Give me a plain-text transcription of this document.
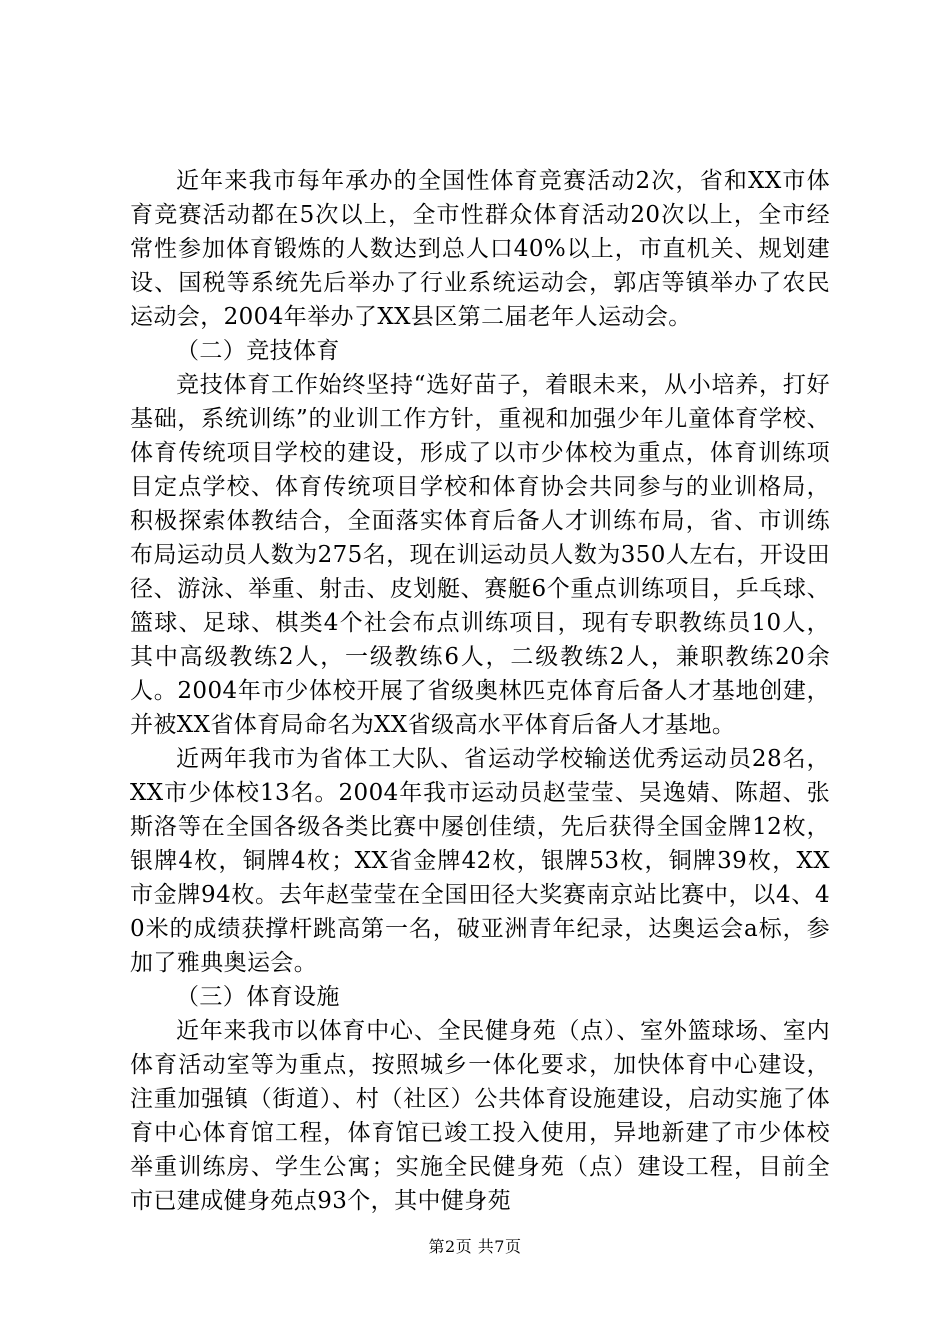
近年来我市每年承办的全国性体育竞赛活动2次，省和XX市体育竞赛活动都在5次以上，全市性群众体育活动20次以上，全市经常性参加体育锻炼的人数达到总人口40%以上，市直机关、规划建设、国税等系统先后举办了行业系统运动会，郭店等镇举办了农民运动会，2004年举办了XX县区第二届老年人运动会。

（二）竞技体育

竞技体育工作始终坚持“选好苗子，着眼未来，从小培养，打好基础，系统训练”的业训工作方针，重视和加强少年儿童体育学校、体育传统项目学校的建设，形成了以市少体校为重点，体育训练项目定点学校、体育传统项目学校和体育协会共同参与的业训格局，积极探索体教结合，全面落实体育后备人才训练布局，省、市训练布局运动员人数为275名，现在训运动员人数为350人左右，开设田径、游泳、举重、射击、皮划艇、赛艇6个重点训练项目，乒乓球、篮球、足球、棋类4个社会布点训练项目，现有专职教练员10人，其中高级教练2人，一级教练6人，二级教练2人，兼职教练20余人。2004年市少体校开展了省级奥林匹克体育后备人才基地创建，并被XX省体育局命名为XX省级高水平体育后备人才基地。

近两年我市为省体工大队、省运动学校输送优秀运动员28名，XX市少体校13名。2004年我市运动员赵莹莹、吴逸婧、陈超、张斯洛等在全国各级各类比赛中屡创佳绩，先后获得全国金牌12枚，银牌4枚，铜牌4枚；XX省金牌42枚，银牌53枚，铜牌39枚，XX市金牌94枚。去年赵莹莹在全国田径大奖赛南京站比赛中，以4、40米的成绩获撑杆跳高第一名，破亚洲青年纪录，达奥运会a标，参加了雅典奥运会。

（三）体育设施

近年来我市以体育中心、全民健身苑（点）、室外篮球场、室内体育活动室等为重点，按照城乡一体化要求，加快体育中心建设，注重加强镇（街道）、村（社区）公共体育设施建设，启动实施了体育中心体育馆工程，体育馆已竣工投入使用，异地新建了市少体校举重训练房、学生公寓；实施全民健身苑（点）建设工程，目前全市已建成健身苑点93个，其中健身苑

第2页 共7页
